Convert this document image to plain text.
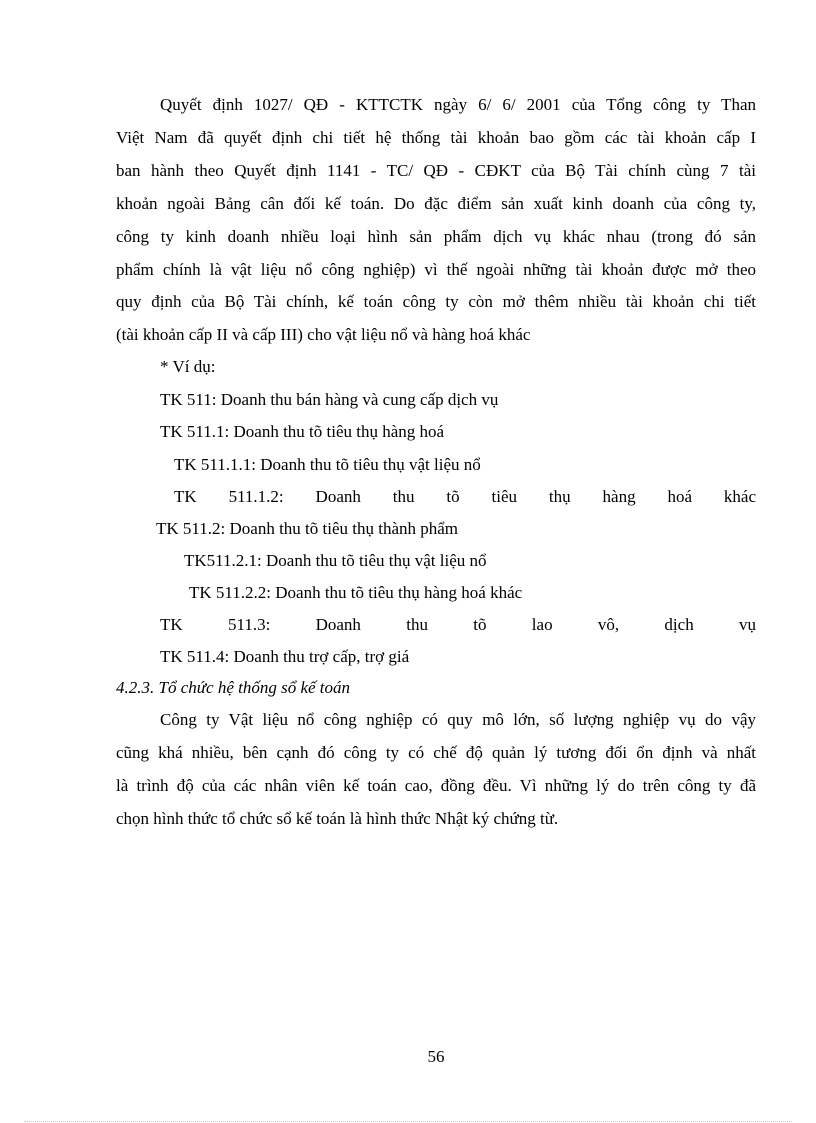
Quyết định 1027/ QĐ - KTTCTK ngày 6/ 6/ 2001 của Tổng công ty Than
Việt Nam đã quyết định chi tiết hệ thống tài khoản bao gồm các tài khoản cấp I
ban hành theo Quyết định 1141 - TC/ QĐ - CĐKT của Bộ Tài chính cùng 7 tài
khoản ngoài Bảng cân đối kế toán. Do đặc điểm sản xuất kinh doanh của công ty,
công ty kinh doanh nhiều loại hình sản phẩm dịch vụ khác nhau (trong đó sản
phẩm chính là vật liệu nổ công nghiệp) vì thế ngoài những tài khoản được mở theo
quy định của Bộ Tài chính, kế toán công ty còn mở thêm nhiều tài khoản chi tiết
(tài khoản cấp II và cấp III) cho vật liệu nổ và hàng hoá khác
* Ví dụ:
TK 511: Doanh thu bán hàng và cung cấp dịch vụ
TK 511.1: Doanh thu tõ tiêu thụ hàng hoá
TK 511.1.1: Doanh thu tõ tiêu thụ vật liệu nổ
TK 511.1.2: Doanh thu tõ tiêu thụ hàng hoá khác
TK 511.2: Doanh thu tõ tiêu thụ thành phẩm
TK511.2.1: Doanh thu tõ tiêu thụ vật liệu nổ
TK 511.2.2: Doanh thu tõ tiêu thụ hàng hoá khác
TK	511.3:	Doanh	thu	tõ	lao	vô,	dịch	vụ
TK 511.4: Doanh thu trợ cấp, trợ giá
4.2.3. Tổ chức hệ thống sổ kế toán
Công ty Vật liệu nổ công nghiệp có quy mô lớn, số lượng nghiệp vụ do vậy
cũng khá nhiều, bên cạnh đó công ty có chế độ quản lý tương đối ổn định và nhất
là trình độ của các nhân viên kế toán cao, đồng đều. Vì những lý do trên công ty đã
chọn hình thức tổ chức sổ kế toán là hình thức Nhật ký chứng từ.
56
